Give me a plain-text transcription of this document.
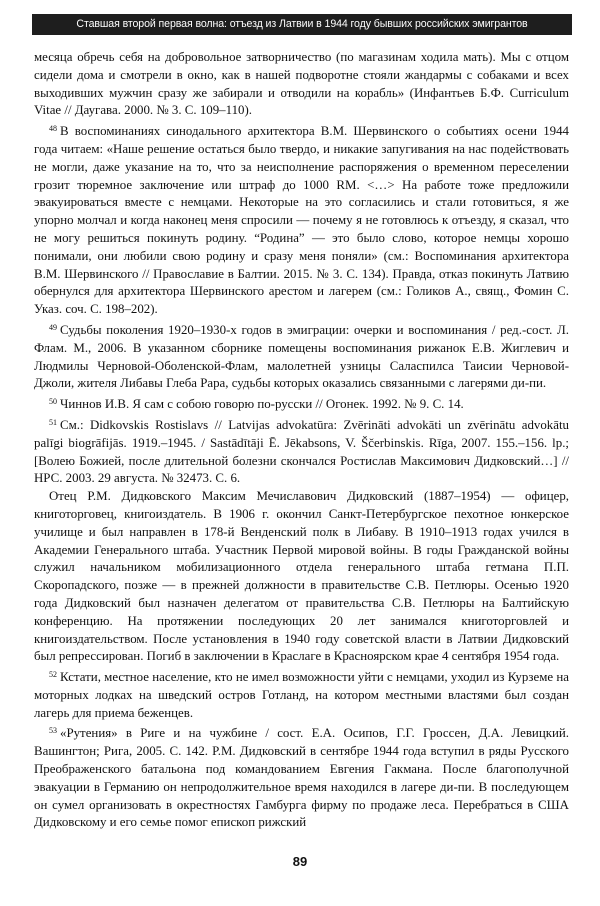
Ставшая второй первая волна: отъезд из Латвии в 1944 году бывших российских эмигрантов

месяца обречь себя на добровольное затворничество (по магазинам ходила мать). Мы с отцом сидели дома и смотрели в окно, как в нашей подворотне стояли жандармы с собаками и всех выходивших мужчин сразу же забирали и отводили на корабль» (Инфантьев Б.Ф. Curriculum Vitae // Даугава. 2000. № 3. С. 109–110).

$^{48}$ В воспоминаниях синодального архитектора В.М. Шервинского о событиях осени 1944 года читаем: «Наше решение остаться было твердо, и никакие запугивания на нас подействовать не могли, даже указание на то, что за неисполнение распоряжения о временном переселении грозит тюремное заключение или штраф до 1000 RM. <…> На работе тоже предложили эвакуироваться вместе с немцами. Некоторые на это согласились и стали готовиться, я же упорно молчал и когда наконец меня спросили — почему я не готовлюсь к отъезду, я сказал, что не могу решиться покинуть родину. “Родина” — это было слово, которое немцы хорошо понимали, они любили свою родину и сразу меня поняли» (см.: Воспоминания архитектора В.М. Шервинского // Православие в Балтии. 2015. № 3. С. 134). Правда, отказ покинуть Латвию обернулся для архитектора Шервинского арестом и лагерем (см.: Голиков А., свящ., Фомин С. Указ. соч. С. 198–202).

$^{49}$ Судьбы поколения 1920–1930-х годов в эмиграции: очерки и воспоминания / ред.-сост. Л. Флам. М., 2006. В указанном сборнике помещены воспоминания рижанок Е.В. Жиглевич и Людмилы Черновой-Оболенской-Флам, малолетней узницы Саласпилса Таисии Черновой-Джоли, жителя Либавы Глеба Рара, судьбы которых оказались связанными с лагерями ди-пи.

$^{50}$ Чиннов И.В. Я сам с собою говорю по-русски // Огонек. 1992. № 9. С. 14.

$^{51}$ См.: Didkovskis Rostislavs // Latvijas advokatūra: Zvērināti advokāti un zvērinātu advokātu palīgi biogrāfijās. 1919.–1945. / Sastādītāji Ē. Jēkabsons, V. Ščerbinskis. Rīga, 2007. 155.–156. lp.; [Волею Божией, после длительной болезни скончался Ростислав Максимович Дидковский…] // НРС. 2003. 29 августа. № 32473. С. 6.

Отец Р.М. Дидковского Максим Мечиславович Дидковский (1887–1954) — офицер, книготорговец, книгоиздатель. В 1906 г. окончил Санкт-Петербургское пехотное юнкерское училище и был направлен в 178-й Венденский полк в Либаву. В 1910–1913 годах учился в Академии Генерального штаба. Участник Первой мировой войны. В годы Гражданской войны служил начальником мобилизационного отдела генерального штаба гетмана П.П. Скоропадского, позже — в прежней должности в правительстве С.В. Петлюры. Осенью 1920 года Дидковский был назначен делегатом от правительства С.В. Петлюры на Балтийскую конференцию. На протяжении последующих 20 лет занимался книготорговлей и книгоиздательством. После установления в 1940 году советской власти в Латвии Дидковский был репрессирован. Погиб в заключении в Краслаге в Красноярском крае 4 сентября 1954 года.

$^{52}$ Кстати, местное население, кто не имел возможности уйти с немцами, уходил из Курземе на моторных лодках на шведский остров Готланд, на котором местными властями был создан лагерь для приема беженцев.

$^{53}$ «Рутения» в Риге и на чужбине / сост. Е.А. Осипов, Г.Г. Гроссен, Д.А. Левицкий. Вашингтон; Рига, 2005. С. 142. Р.М. Дидковский в сентябре 1944 года вступил в ряды Русского Преображенского батальона под командованием Евгения Гакмана. После благополучной эвакуации в Германию он непродолжительное время находился в лагере ди-пи. В последующем он сумел организовать в окрестностях Гамбурга фирму по продаже леса. Перебраться в США Дидковскому и его семье помог епископ рижский

89
